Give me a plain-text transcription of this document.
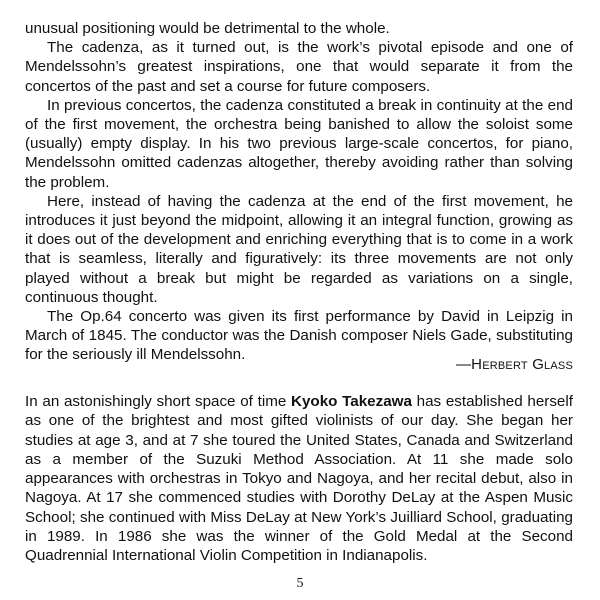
unusual positioning would be detrimental to the whole.

The cadenza, as it turned out, is the work’s pivotal episode and one of Mendelssohn’s greatest inspirations, one that would separate it from the concertos of the past and set a course for future composers.

In previous concertos, the cadenza constituted a break in continuity at the end of the first movement, the orchestra being banished to allow the soloist some (usually) empty display. In his two previous large-scale concertos, for piano, Mendelssohn omitted cadenzas altogether, thereby avoiding rather than solving the problem.

Here, instead of having the cadenza at the end of the first movement, he introduces it just beyond the midpoint, allowing it an integral function, growing as it does out of the development and enriching everything that is to come in a work that is seamless, literally and figuratively: its three movements are not only played without a break but might be regarded as variations on a single, continuous thought.

The Op.64 concerto was given its first performance by David in Leipzig in March of 1845. The conductor was the Danish composer Niels Gade, substituting for the seriously ill Mendelssohn.

—Herbert Glass

In an astonishingly short space of time Kyoko Takezawa has established herself as one of the brightest and most gifted violinists of our day. She began her studies at age 3, and at 7 she toured the United States, Canada and Switzerland as a member of the Suzuki Method Association. At 11 she made solo appearances with orchestras in Tokyo and Nagoya, and her recital debut, also in Nagoya. At 17 she commenced studies with Dorothy DeLay at the Aspen Music School; she continued with Miss DeLay at New York’s Juilliard School, graduating in 1989. In 1986 she was the winner of the Gold Medal at the Second Quadrennial International Violin Competition in Indianapolis.

5
